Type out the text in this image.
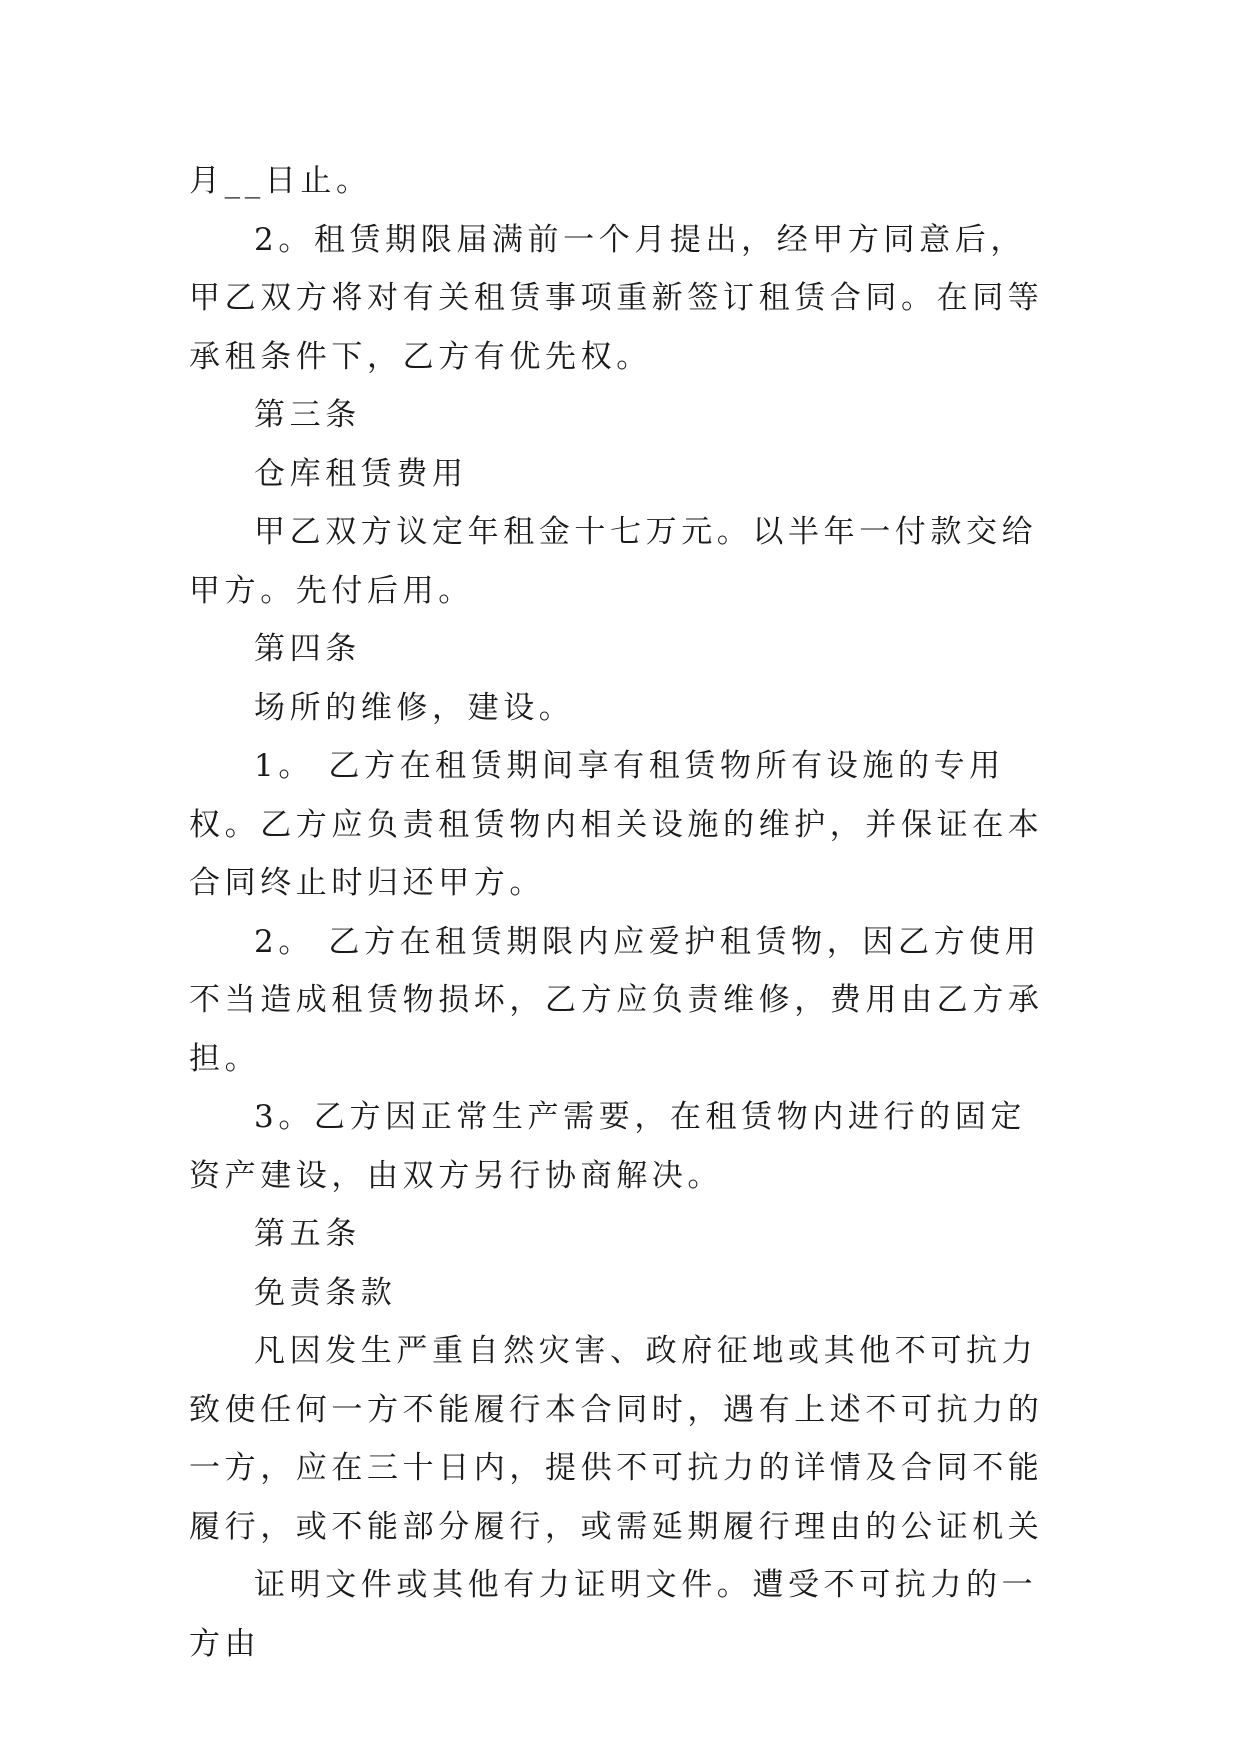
月__日止。

2。租赁期限届满前一个月提出，经甲方同意后，甲乙双方将对有关租赁事项重新签订租赁合同。在同等承租条件下，乙方有优先权。

第三条

仓库租赁费用

甲乙双方议定年租金十七万元。以半年一付款交给甲方。先付后用。

第四条

场所的维修，建设。

1。 乙方在租赁期间享有租赁物所有设施的专用权。乙方应负责租赁物内相关设施的维护，并保证在本合同终止时归还甲方。

2。 乙方在租赁期限内应爱护租赁物，因乙方使用不当造成租赁物损坏，乙方应负责维修，费用由乙方承担。

3。乙方因正常生产需要，在租赁物内进行的固定资产建设，由双方另行协商解决。

第五条

免责条款

凡因发生严重自然灾害、政府征地或其他不可抗力致使任何一方不能履行本合同时，遇有上述不可抗力的一方，应在三十日内，提供不可抗力的详情及合同不能履行，或不能部分履行，或需延期履行理由的公证机关

证明文件或其他有力证明文件。遭受不可抗力的一方由
